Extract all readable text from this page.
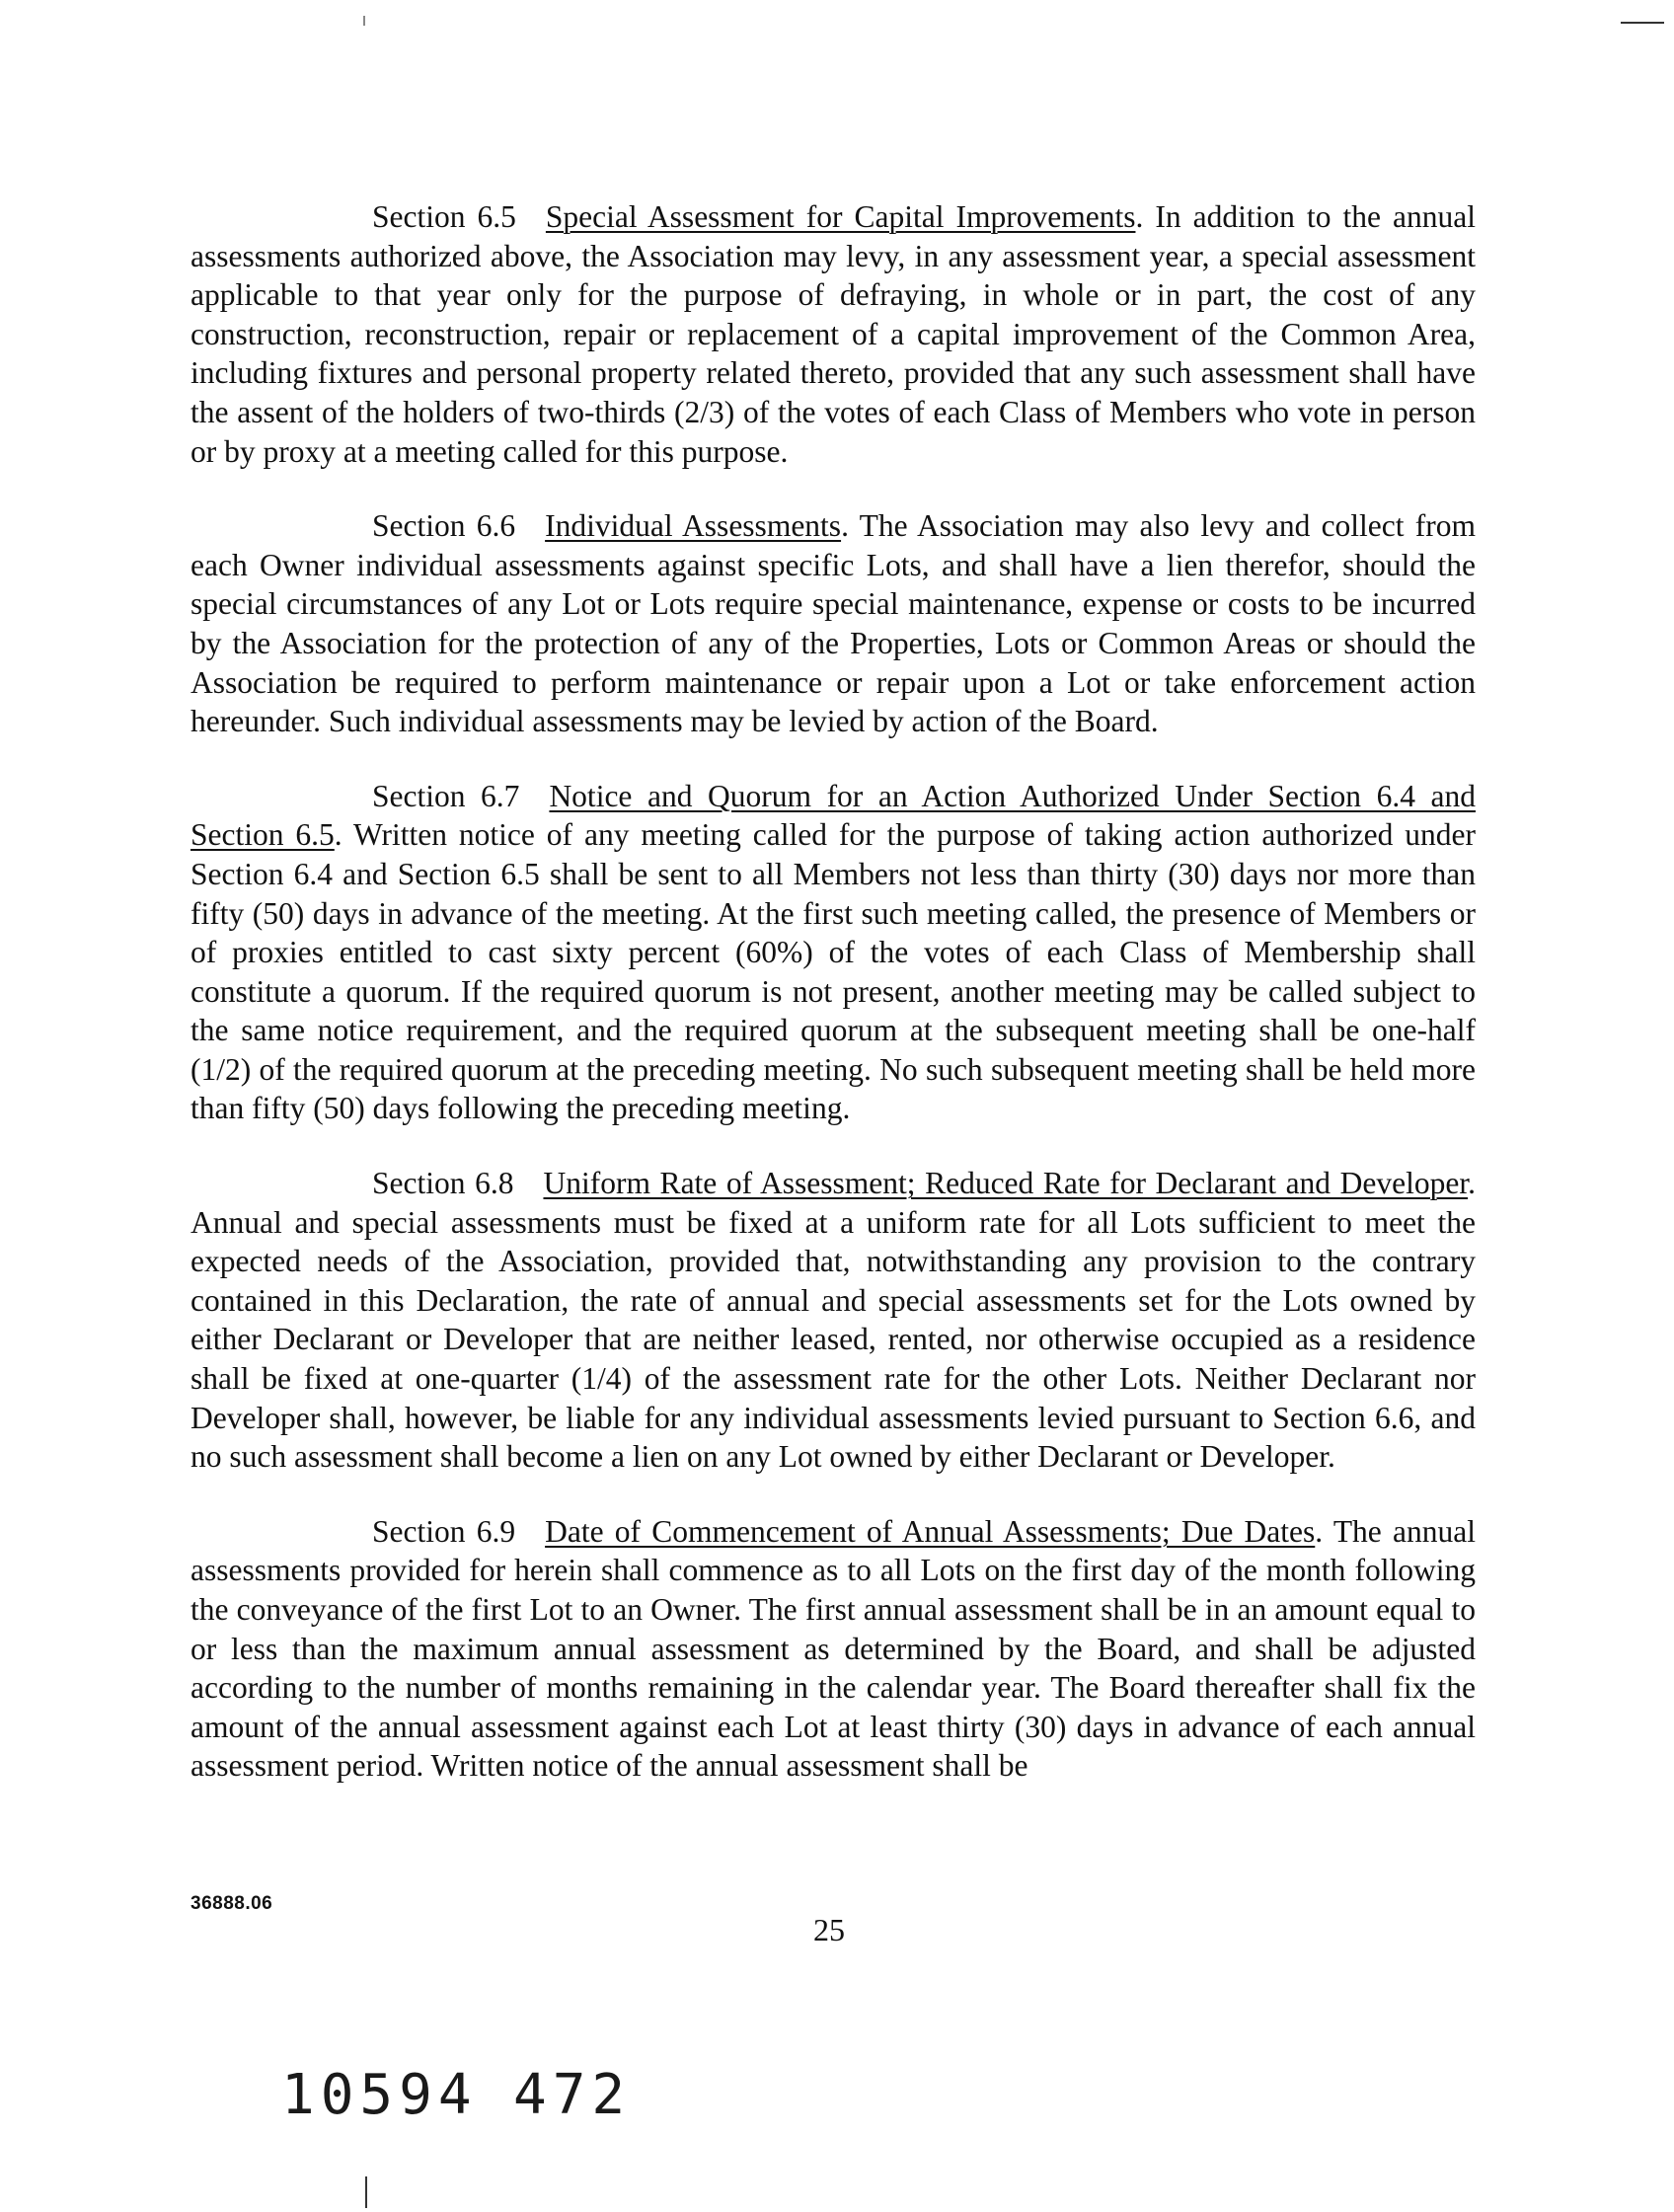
Section 6.5 Special Assessment for Capital Improvements. In addition to the annual assessments authorized above, the Association may levy, in any assessment year, a special assessment applicable to that year only for the purpose of defraying, in whole or in part, the cost of any construction, reconstruction, repair or replacement of a capital improvement of the Common Area, including fixtures and personal property related thereto, provided that any such assessment shall have the assent of the holders of two-thirds (2/3) of the votes of each Class of Members who vote in person or by proxy at a meeting called for this purpose.

Section 6.6 Individual Assessments. The Association may also levy and collect from each Owner individual assessments against specific Lots, and shall have a lien therefor, should the special circumstances of any Lot or Lots require special maintenance, expense or costs to be incurred by the Association for the protection of any of the Properties, Lots or Common Areas or should the Association be required to perform maintenance or repair upon a Lot or take enforcement action hereunder. Such individual assessments may be levied by action of the Board.

Section 6.7 Notice and Quorum for an Action Authorized Under Section 6.4 and Section 6.5. Written notice of any meeting called for the purpose of taking action authorized under Section 6.4 and Section 6.5 shall be sent to all Members not less than thirty (30) days nor more than fifty (50) days in advance of the meeting. At the first such meeting called, the presence of Members or of proxies entitled to cast sixty percent (60%) of the votes of each Class of Membership shall constitute a quorum. If the required quorum is not present, another meeting may be called subject to the same notice requirement, and the required quorum at the subsequent meeting shall be one-half (1/2) of the required quorum at the preceding meeting. No such subsequent meeting shall be held more than fifty (50) days following the preceding meeting.

Section 6.8 Uniform Rate of Assessment; Reduced Rate for Declarant and Developer. Annual and special assessments must be fixed at a uniform rate for all Lots sufficient to meet the expected needs of the Association, provided that, notwithstanding any provision to the contrary contained in this Declaration, the rate of annual and special assessments set for the Lots owned by either Declarant or Developer that are neither leased, rented, nor otherwise occupied as a residence shall be fixed at one-quarter (1/4) of the assessment rate for the other Lots. Neither Declarant nor Developer shall, however, be liable for any individual assessments levied pursuant to Section 6.6, and no such assessment shall become a lien on any Lot owned by either Declarant or Developer.

Section 6.9 Date of Commencement of Annual Assessments; Due Dates. The annual assessments provided for herein shall commence as to all Lots on the first day of the month following the conveyance of the first Lot to an Owner. The first annual assessment shall be in an amount equal to or less than the maximum annual assessment as determined by the Board, and shall be adjusted according to the number of months remaining in the calendar year. The Board thereafter shall fix the amount of the annual assessment against each Lot at least thirty (30) days in advance of each annual assessment period. Written notice of the annual assessment shall be

36888.06
25
10594 472
